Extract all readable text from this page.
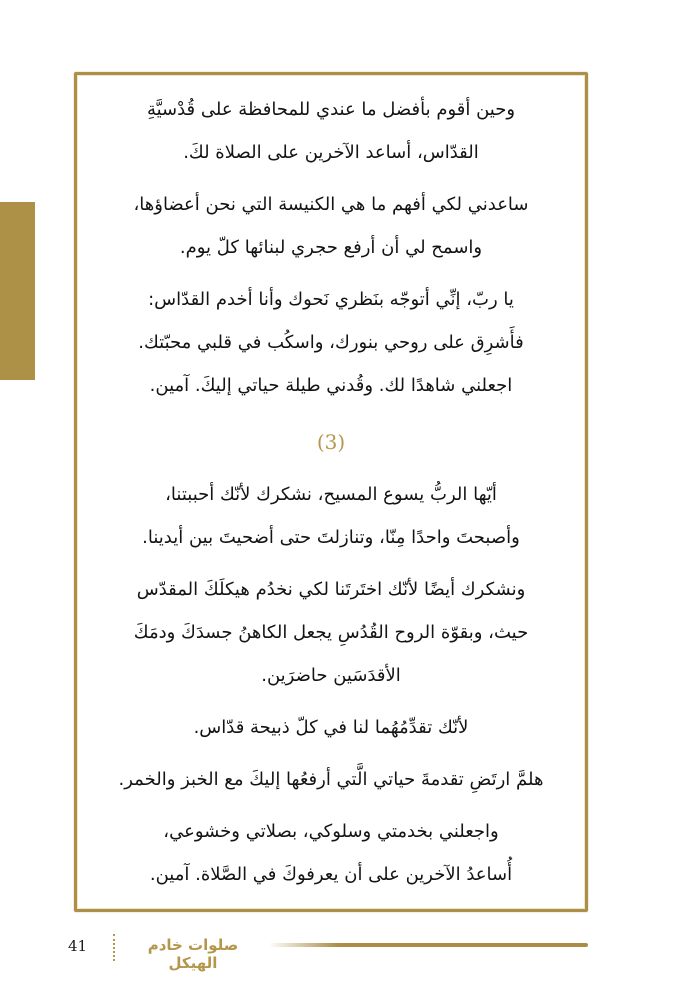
وحين أقوم بأفضل ما عندي للمحافظة على قُدْسيَّةِ
القدّاس، أساعد الآخرين على الصلاة لكَ.
ساعدني لكي أفهم ما هي الكنيسة التي نحن أعضاؤها،
واسمح لي أن أرفع حجري لبنائها كلّ يوم.
يا ربّ، إنِّي أتوجّه بنَظري نَحوك وأنا أخدم القدّاس:
فأَشرِق على روحي بنورك، واسكُب في قلبي محبّتك.
اجعلني شاهدًا لك. وقُدني طيلة حياتي إليكَ. آمين.
(3)
أيّها الربُّ يسوع المسيح، نشكرك لأنّك أحببتنا،
وأصبحتَ واحدًا مِنّا، وتنازلتَ حتى أضحيتَ بين أيدينا.
ونشكرك أيضًا لأنّك اختَرتَنا لكي نخدُم هيكلَكَ المقدّس
حيث، وبقوّة الروح القُدُسِ يجعل الكاهنُ جسدَكَ ودمَكَ
الأقدَسَين حاضرَين.
لأنّك تقدِّمُهُما لنا في كلّ ذبيحة قدّاس.
هلمَّ ارتَضِ تقدمةَ حياتي الَّتي أرفعُها إليكَ مع الخبز والخمر.
واجعلني بخدمتي وسلوكي، بصلاتي وخشوعي،
أُساعدُ الآخرين على أن يعرفوكَ في الصَّلاة. آمين.
41	صلوات خادم الهيكل
